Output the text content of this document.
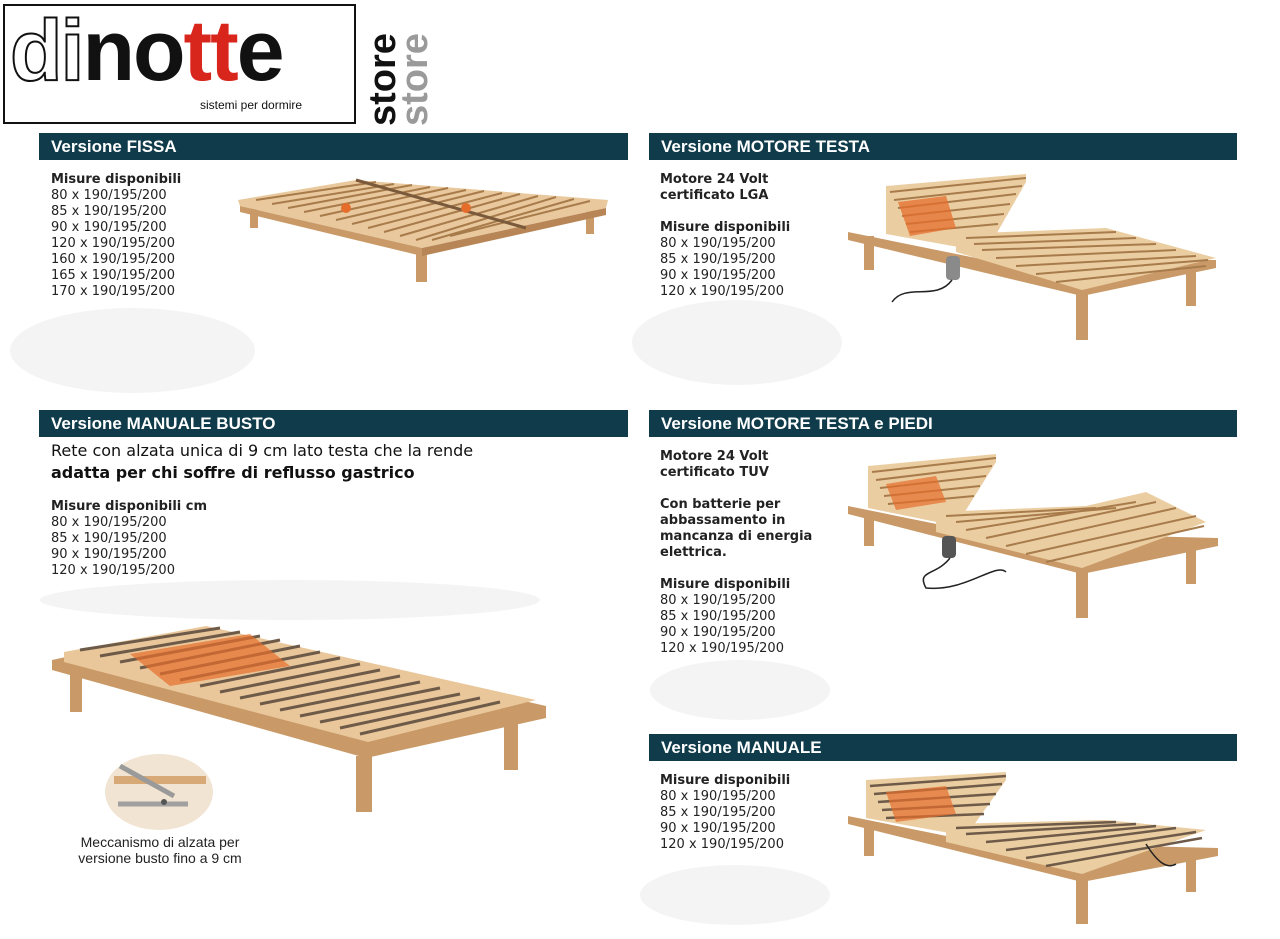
dinotte
sistemi per dormire store
store
Versione FISSA
Misure disponibili
80 x 190/195/200
85 x 190/195/200
90 x 190/195/200
120 x 190/195/200
160 x 190/195/200
165 x 190/195/200
170 x 190/195/200
Versione MOTORE TESTA
Motore 24 Volt
certificato LGA
Misure disponibili
80 x 190/195/200
85 x 190/195/200
90 x 190/195/200
120 x 190/195/200
Versione MANUALE BUSTO
Rete con alzata unica di 9 cm lato testa che la rende
adatta per chi soffre di reflusso gastrico
Misure disponibili cm
80 x 190/195/200
85 x 190/195/200
90 x 190/195/200
120 x 190/195/200
Meccanismo di alzata per
versione busto fino a 9 cm
Versione MOTORE TESTA e PIEDI
Motore 24 Volt
certificato TUV
Con batterie per
abbassamento in
mancanza di energia
elettrica.
Misure disponibili
80 x 190/195/200
85 x 190/195/200
90 x 190/195/200
120 x 190/195/200
Versione MANUALE
Misure disponibili
80 x 190/195/200
85 x 190/195/200
90 x 190/195/200
120 x 190/195/200
